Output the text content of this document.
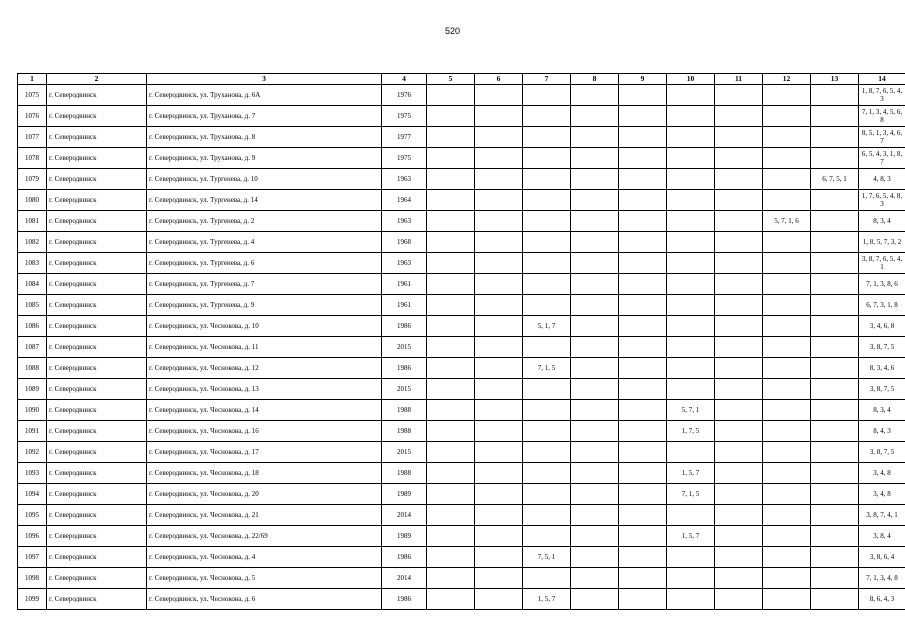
520
1	2	3	4	5	6	7	8	9	10	11	12	13	14
1075	г. Северодвинск	г. Северодвинск, ул. Труханова, д. 6А	1976										1, 8, 7, 6, 5, 4, 3
1076	г. Северодвинск	г. Северодвинск, ул. Труханова, д. 7	1975										7, 1, 3, 4, 5, 6, 8
1077	г. Северодвинск	г. Северодвинск, ул. Труханова, д. 8	1977										8, 5, 1, 3, 4, 6, 7
1078	г. Северодвинск	г. Северодвинск, ул. Труханова, д. 9	1975										6, 5, 4, 3, 1, 8, 7
1079	г. Северодвинск	г. Северодвинск, ул. Тургенева, д. 10	1963									6, 7, 5, 1	4, 8, 3
1080	г. Северодвинск	г. Северодвинск, ул. Тургенева, д. 14	1964										1, 7, 6, 5, 4, 8, 3
1081	г. Северодвинск	г. Северодвинск, ул. Тургенева, д. 2	1963								5, 7, 1, 6		8, 3, 4
1082	г. Северодвинск	г. Северодвинск, ул. Тургенева, д. 4	1968										1, 8, 5, 7, 3, 2
1083	г. Северодвинск	г. Северодвинск, ул. Тургенева, д. 6	1963										3, 8, 7, 6, 5, 4, 1
1084	г. Северодвинск	г. Северодвинск, ул. Тургенева, д. 7	1961										7, 1, 3, 8, 6
1085	г. Северодвинск	г. Северодвинск, ул. Тургенева, д. 9	1961										6, 7, 3, 1, 8
1086	г. Северодвинск	г. Северодвинск, ул. Чеснокова, д. 10	1986			5, 1, 7							3, 4, 6, 8
1087	г. Северодвинск	г. Северодвинск, ул. Чеснокова, д. 11	2015										3, 8, 7, 5
1088	г. Северодвинск	г. Северодвинск, ул. Чеснокова, д. 12	1986			7, 1, 5							8, 3, 4, 6
1089	г. Северодвинск	г. Северодвинск, ул. Чеснокова, д. 13	2015										3, 8, 7, 5
1090	г. Северодвинск	г. Северодвинск, ул. Чеснокова, д. 14	1988						5, 7, 1				8, 3, 4
1091	г. Северодвинск	г. Северодвинск, ул. Чеснокова, д. 16	1988						1, 7, 5				8, 4, 3
1092	г. Северодвинск	г. Северодвинск, ул. Чеснокова, д. 17	2015										3, 8, 7, 5
1093	г. Северодвинск	г. Северодвинск, ул. Чеснокова, д. 18	1988						1, 5, 7				3, 4, 8
1094	г. Северодвинск	г. Северодвинск, ул. Чеснокова, д. 20	1989						7, 1, 5				3, 4, 8
1095	г. Северодвинск	г. Северодвинск, ул. Чеснокова, д. 21	2014										3, 8, 7, 4, 1
1096	г. Северодвинск	г. Северодвинск, ул. Чеснокова, д. 22/69	1989						1, 5, 7				3, 8, 4
1097	г. Северодвинск	г. Северодвинск, ул. Чеснокова, д. 4	1986			7, 5, 1							3, 8, 6, 4
1098	г. Северодвинск	г. Северодвинск, ул. Чеснокова, д. 5	2014										7, 1, 3, 4, 8
1099	г. Северодвинск	г. Северодвинск, ул. Чеснокова, д. 6	1986			1, 5, 7							8, 6, 4, 3
